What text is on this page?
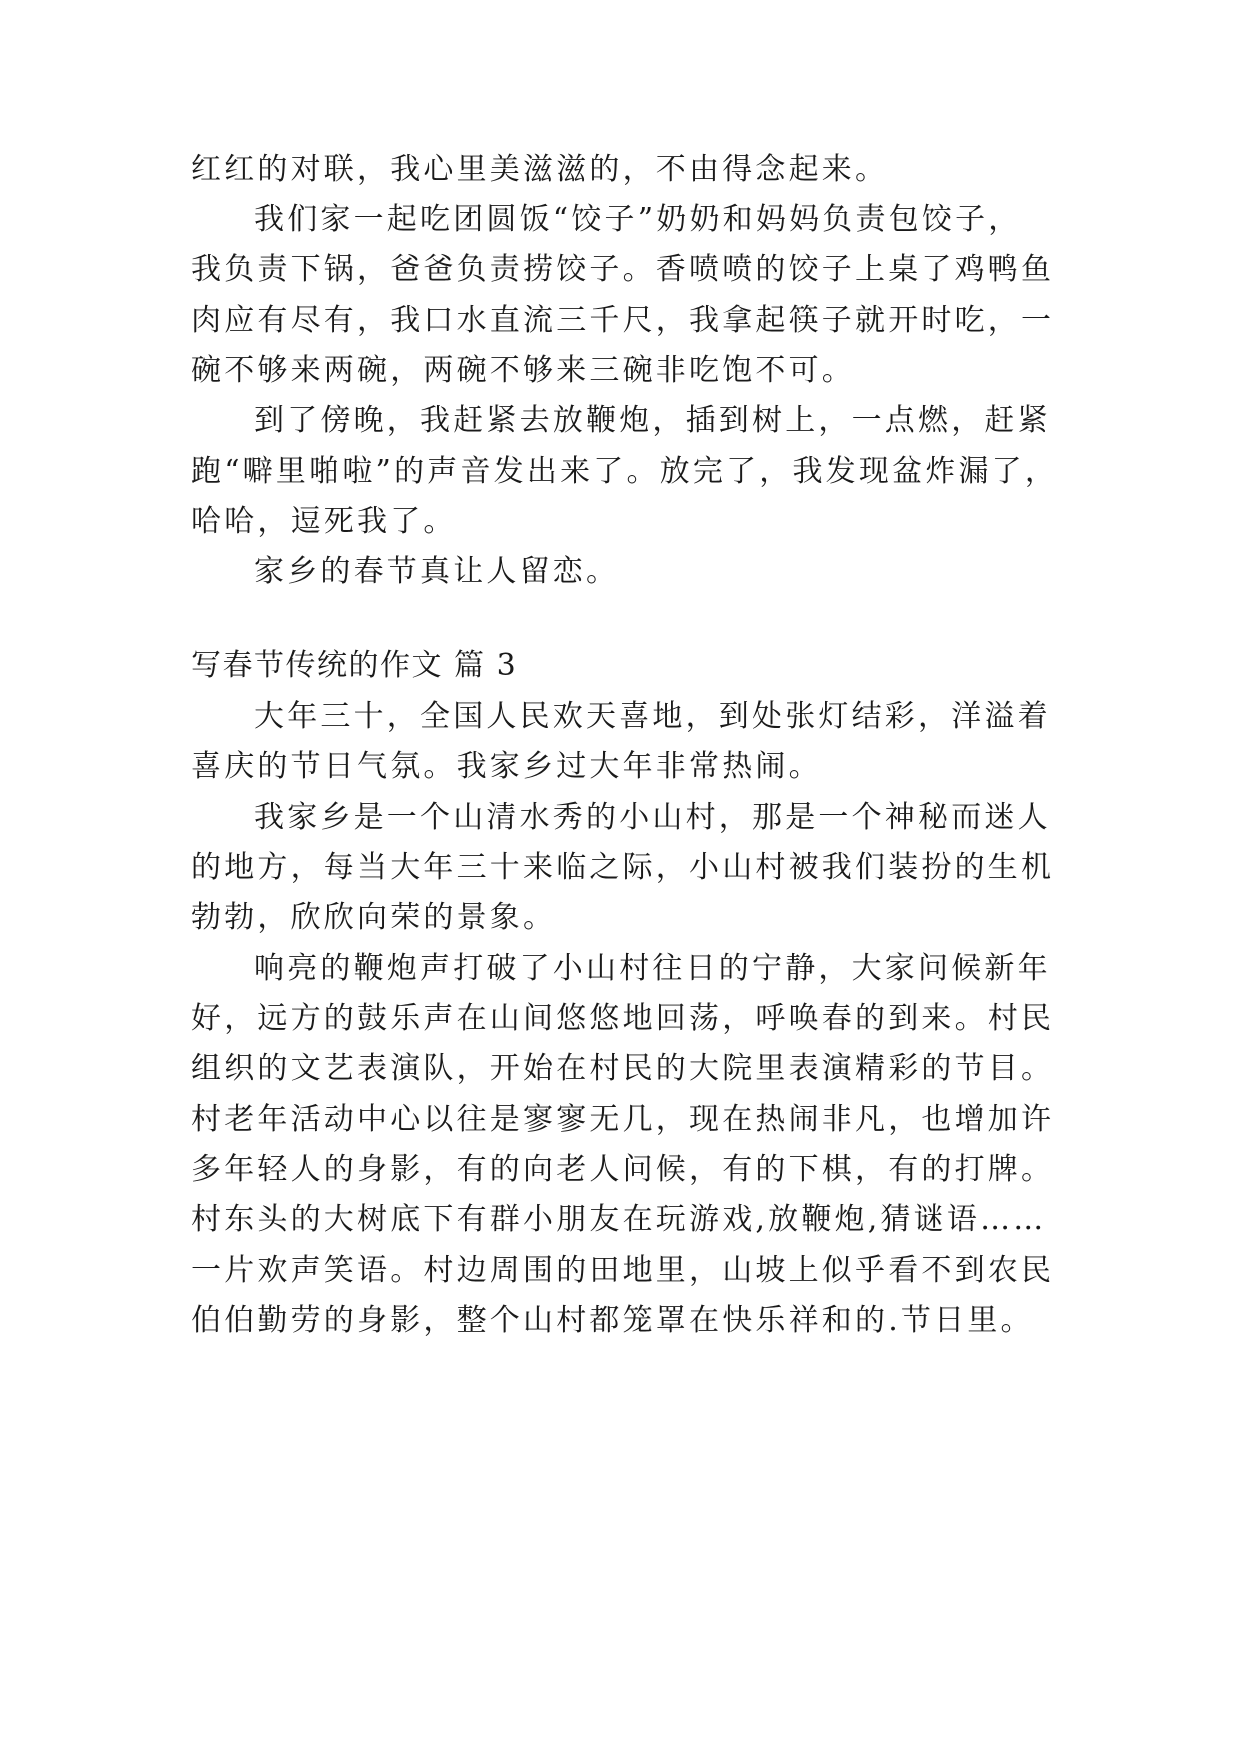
红红的对联，我心里美滋滋的，不由得念起来。
我们家一起吃团圆饭“饺子”奶奶和妈妈负责包饺子，
我负责下锅，爸爸负责捞饺子。香喷喷的饺子上桌了鸡鸭鱼
肉应有尽有，我口水直流三千尺，我拿起筷子就开时吃，一
碗不够来两碗，两碗不够来三碗非吃饱不可。
到了傍晚，我赶紧去放鞭炮，插到树上，一点燃，赶紧
跑“噼里啪啦”的声音发出来了。放完了，我发现盆炸漏了，
哈哈，逗死我了。
家乡的春节真让人留恋。
写春节传统的作文 篇 3
大年三十，全国人民欢天喜地，到处张灯结彩，洋溢着
喜庆的节日气氛。我家乡过大年非常热闹。
我家乡是一个山清水秀的小山村，那是一个神秘而迷人
的地方，每当大年三十来临之际，小山村被我们装扮的生机
勃勃，欣欣向荣的景象。
响亮的鞭炮声打破了小山村往日的宁静，大家问候新年
好，远方的鼓乐声在山间悠悠地回荡，呼唤春的到来。村民
组织的文艺表演队，开始在村民的大院里表演精彩的节目。
村老年活动中心以往是寥寥无几，现在热闹非凡，也增加许
多年轻人的身影，有的向老人问候，有的下棋，有的打牌。
村东头的大树底下有群小朋友在玩游戏,放鞭炮,猜谜语……
一片欢声笑语。村边周围的田地里，山坡上似乎看不到农民
伯伯勤劳的身影，整个山村都笼罩在快乐祥和的.节日里。
